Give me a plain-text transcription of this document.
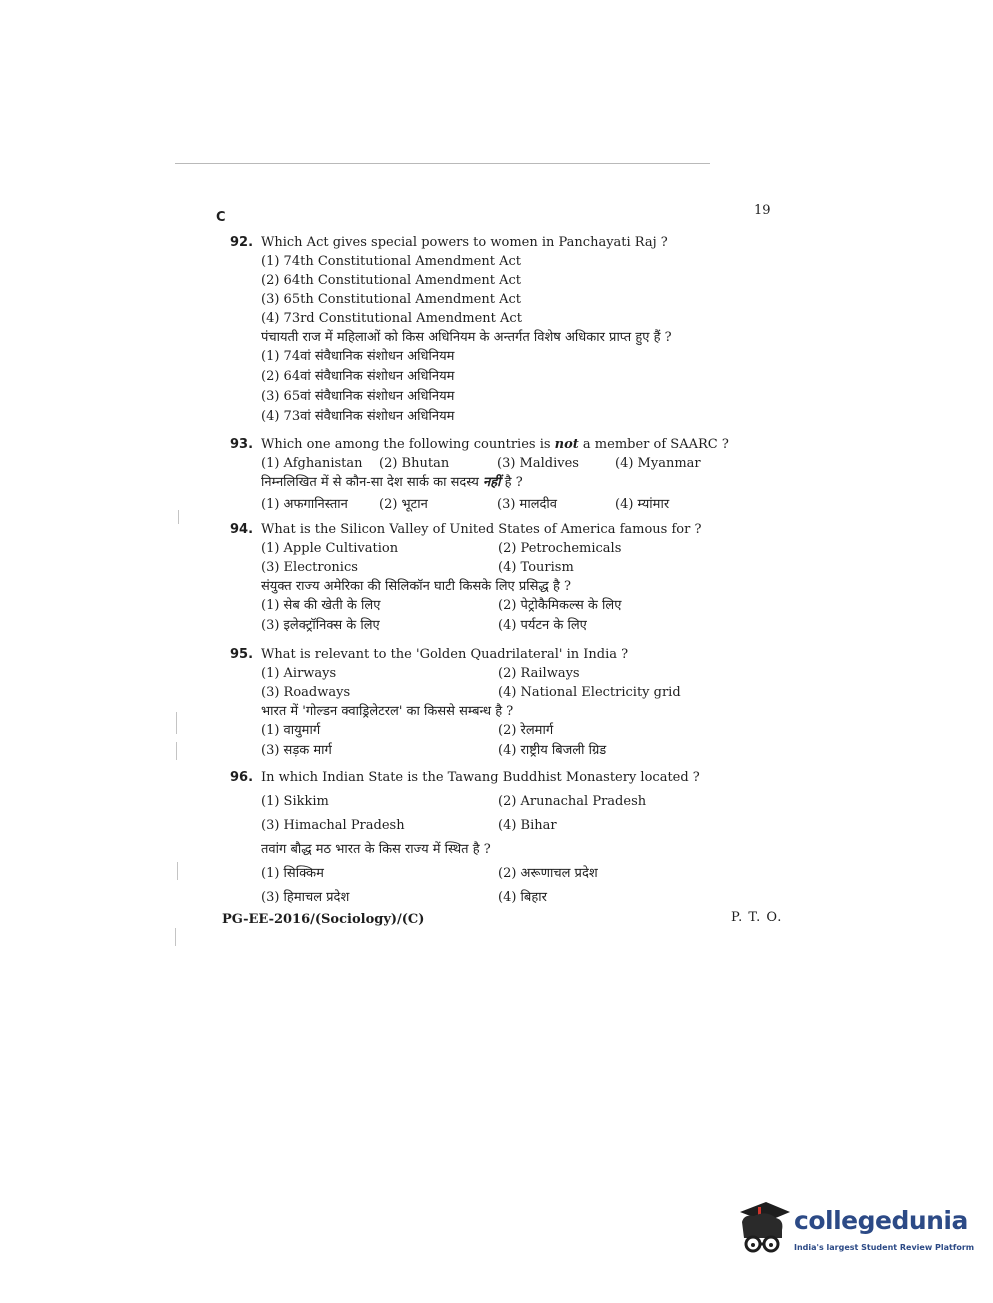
C	19
92. Which Act gives special powers to women in Panchayati Raj ?
(1) 74th Constitutional Amendment Act
(2) 64th Constitutional Amendment Act
(3) 65th Constitutional Amendment Act
(4) 73rd Constitutional Amendment Act
पंचायती राज में महिलाओं को किस अधिनियम के अन्तर्गत विशेष अधिकार प्राप्त हुए हैं ?
(1) 74वां संवैधानिक संशोधन अधिनियम
(2) 64वां संवैधानिक संशोधन अधिनियम
(3) 65वां संवैधानिक संशोधन अधिनियम
(4) 73वां संवैधानिक संशोधन अधिनियम
93. Which one among the following countries is not a member of SAARC ?
(1) Afghanistan	(2) Bhutan	(3) Maldives	(4) Myanmar
निम्नलिखित में से कौन-सा देश सार्क का सदस्य नहीं है ?
(1) अफगानिस्तान	(2) भूटान	(3) मालदीव	(4) म्यांमार
94. What is the Silicon Valley of United States of America famous for ?
(1) Apple Cultivation	(2) Petrochemicals
(3) Electronics	(4) Tourism
संयुक्त राज्य अमेरिका की सिलिकॉन घाटी किसके लिए प्रसिद्ध है ?
(1) सेब की खेती के लिए	(2) पेट्रोकैमिकल्स के लिए
(3) इलेक्ट्रॉनिक्स के लिए	(4) पर्यटन के लिए
95. What is relevant to the 'Golden Quadrilateral' in India ?
(1) Airways	(2) Railways
(3) Roadways	(4) National Electricity grid
भारत में 'गोल्डन क्वाड्रिलेटरल' का किससे सम्बन्ध है ?
(1) वायुमार्ग	(2) रेलमार्ग
(3) सड़क मार्ग	(4) राष्ट्रीय बिजली ग्रिड
96. In which Indian State is the Tawang Buddhist Monastery located ?
(1) Sikkim	(2) Arunachal Pradesh
(3) Himachal Pradesh	(4) Bihar
तवांग बौद्ध मठ भारत के किस राज्य में स्थित है ?
(1) सिक्किम	(2) अरूणाचल प्रदेश
(3) हिमाचल प्रदेश	(4) बिहार
PG-EE-2016/(Sociology)/(C)	P. T. O.
collegedunia
India's largest Student Review Platform
